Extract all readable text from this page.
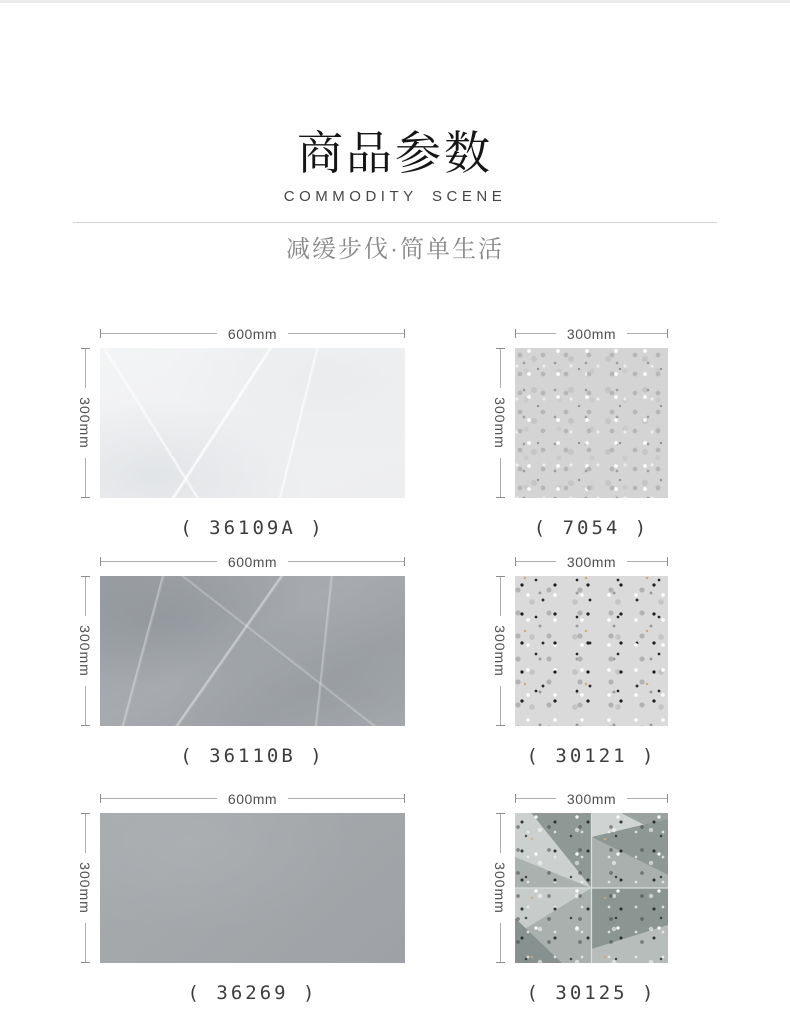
商品参数
COMMODITY SCENE
减缓步伐·简单生活
600mm
300mm
( 36109A )
300mm
300mm
( 7054 )
600mm
300mm
( 36110B )
300mm
300mm
( 30121 )
600mm
300mm
( 36269 )
300mm
300mm
( 30125 )
